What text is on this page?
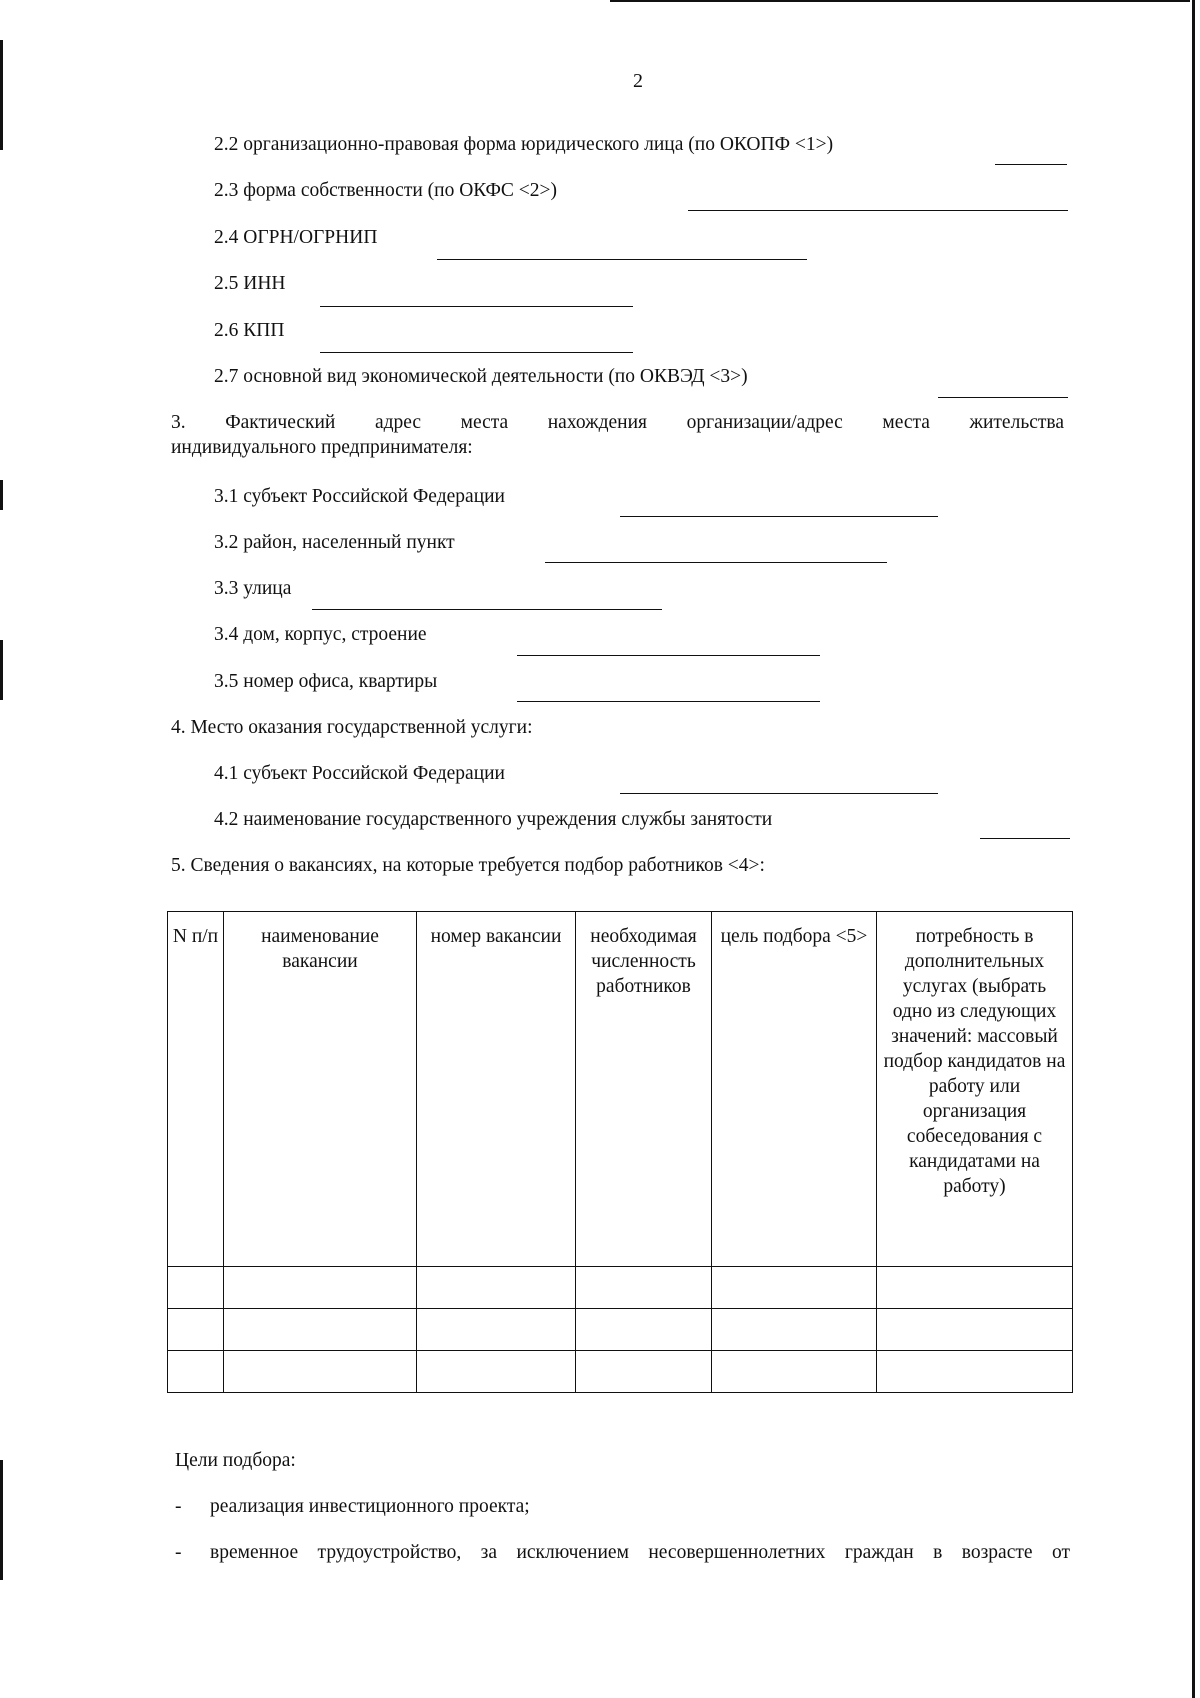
2
2.2 организационно-правовая форма юридического лица (по ОКОПФ <1>)
2.3 форма собственности (по ОКФС <2>)
2.4 ОГРН/ОГРНИП
2.5 ИНН
2.6 КПП
2.7 основной вид экономической деятельности (по ОКВЭД <3>)
3. Фактический адрес места нахождения организации/адрес места жительства
индивидуального предпринимателя:
3.1 субъект Российской Федерации
3.2 район, населенный пункт
3.3 улица
3.4 дом, корпус, строение
3.5 номер офиса, квартиры
4. Место оказания государственной услуги:
4.1 субъект Российской Федерации
4.2 наименование государственного учреждения службы занятости
5. Сведения о вакансиях, на которые требуется подбор работников <4>:
N п/п	наименование вакансии	номер вакансии	необходимая численность работников	цель подбора <5>	потребность в дополнительных услугах (выбрать одно из следующих значений: массовый подбор кандидатов на работу или организация собеседования с кандидатами на работу)

Цели подбора:
- реализация инвестиционного проекта;
- временное трудоустройство, за исключением несовершеннолетних граждан в возрасте от
